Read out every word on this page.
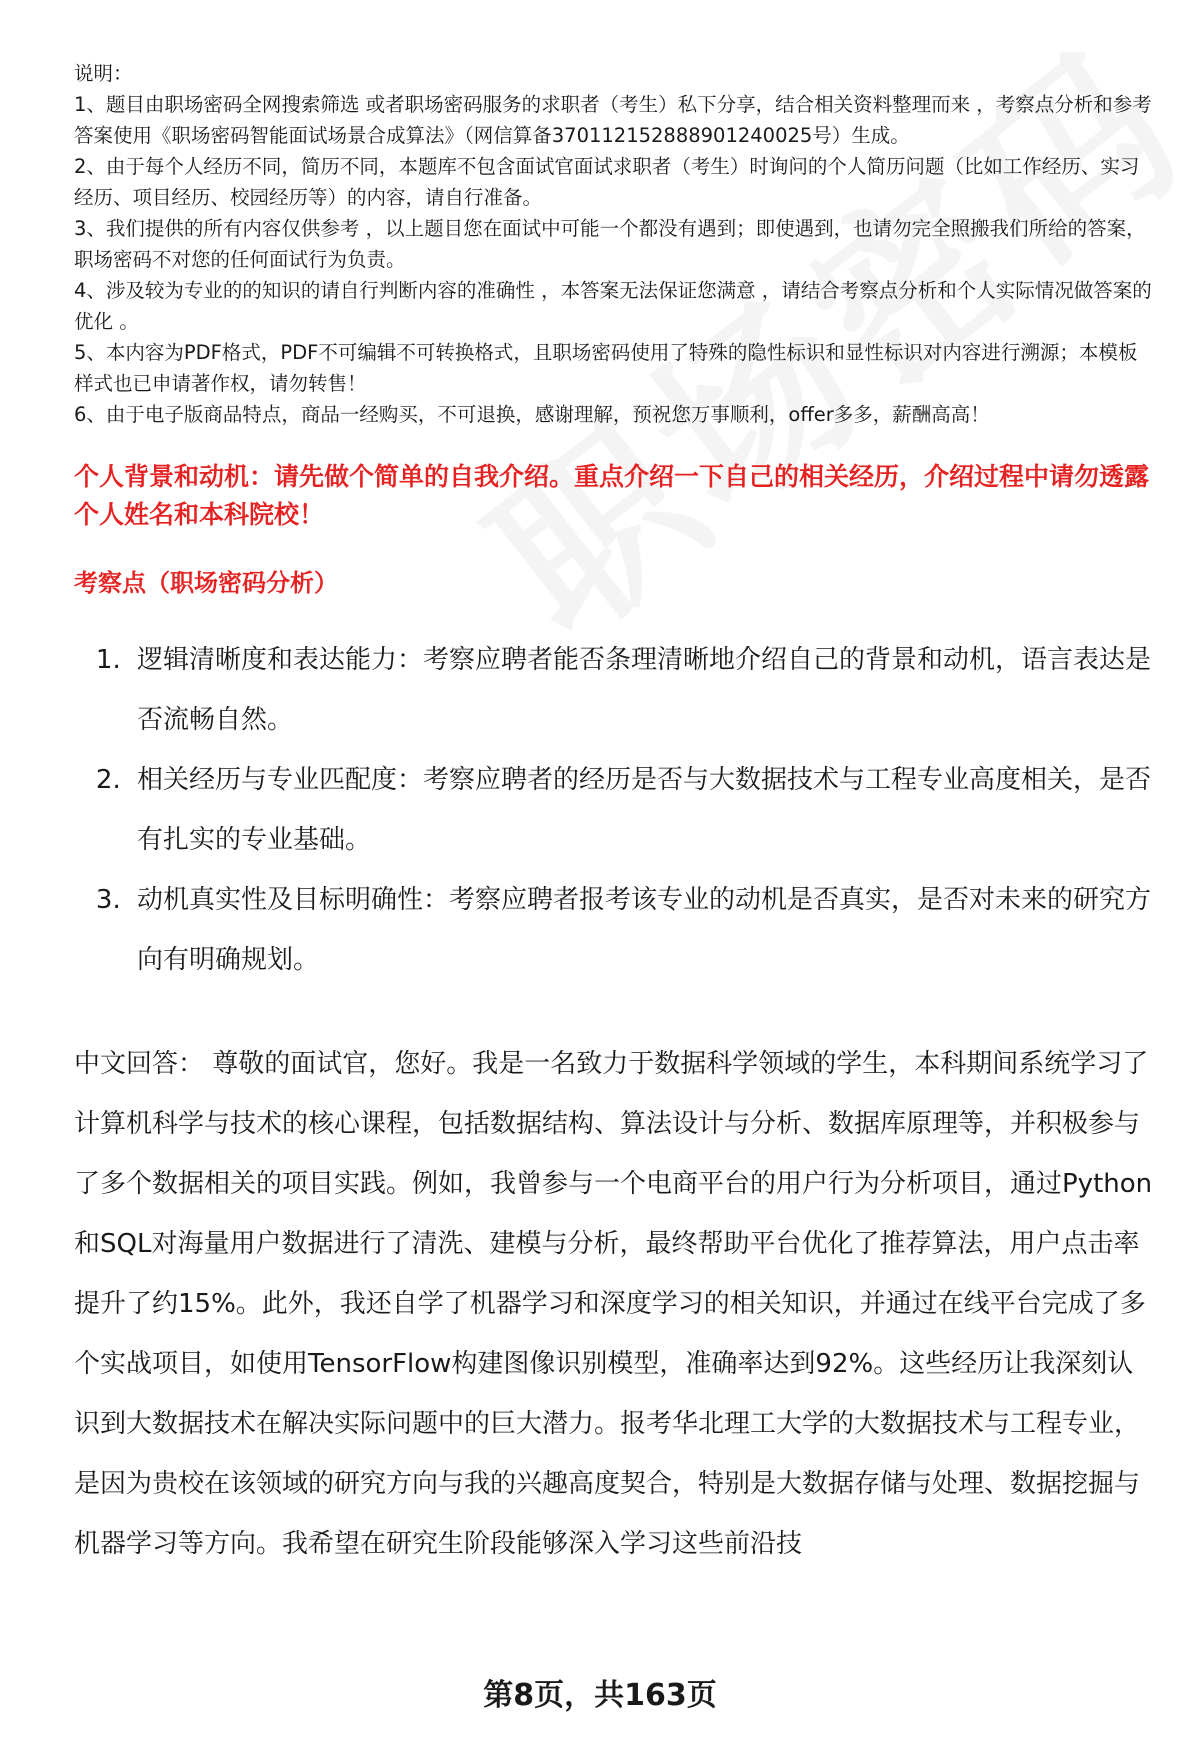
说明：

1、题目由职场密码全网搜索筛选 或者职场密码服务的求职者（考生）私下分享，结合相关资料整理而来 ，考察点分析和参考答案使用《职场密码智能面试场景合成算法》（网信算备370112152888901240025号）生成。

2、由于每个人经历不同，简历不同，本题库不包含面试官面试求职者（考生）时询问的个人简历问题（比如工作经历、实习经历、项目经历、校园经历等）的内容，请自行准备。

3、我们提供的所有内容仅供参考 ，以上题目您在面试中可能一个都没有遇到；即使遇到，也请勿完全照搬我们所给的答案，职场密码不对您的任何面试行为负责。

4、涉及较为专业的的知识的请自行判断内容的准确性 ，本答案无法保证您满意 ，请结合考察点分析和个人实际情况做答案的优化 。

5、本内容为PDF格式，PDF不可编辑不可转换格式，且职场密码使用了特殊的隐性标识和显性标识对内容进行溯源；本模板样式也已申请著作权，请勿转售！

6、由于电子版商品特点，商品一经购买，不可退换，感谢理解，预祝您万事顺利，offer多多，薪酬高高！

个人背景和动机：请先做个简单的自我介绍。重点介绍一下自己的相关经历，介绍过程中请勿透露个人姓名和本科院校！

考察点（职场密码分析）

1. 逻辑清晰度和表达能力：考察应聘者能否条理清晰地介绍自己的背景和动机，语言表达是否流畅自然。
2. 相关经历与专业匹配度：考察应聘者的经历是否与大数据技术与工程专业高度相关，是否有扎实的专业基础。
3. 动机真实性及目标明确性：考察应聘者报考该专业的动机是否真实，是否对未来的研究方向有明确规划。

中文回答： 尊敬的面试官，您好。我是一名致力于数据科学领域的学生，本科期间系统学习了计算机科学与技术的核心课程，包括数据结构、算法设计与分析、数据库原理等，并积极参与了多个数据相关的项目实践。例如，我曾参与一个电商平台的用户行为分析项目，通过Python和SQL对海量用户数据进行了清洗、建模与分析，最终帮助平台优化了推荐算法，用户点击率提升了约15%。此外，我还自学了机器学习和深度学习的相关知识，并通过在线平台完成了多个实战项目，如使用TensorFlow构建图像识别模型，准确率达到92%。这些经历让我深刻认识到大数据技术在解决实际问题中的巨大潜力。报考华北理工大学的大数据技术与工程专业，是因为贵校在该领域的研究方向与我的兴趣高度契合，特别是大数据存储与处理、数据挖掘与机器学习等方向。我希望在研究生阶段能够深入学习这些前沿技

第8页，共163页
